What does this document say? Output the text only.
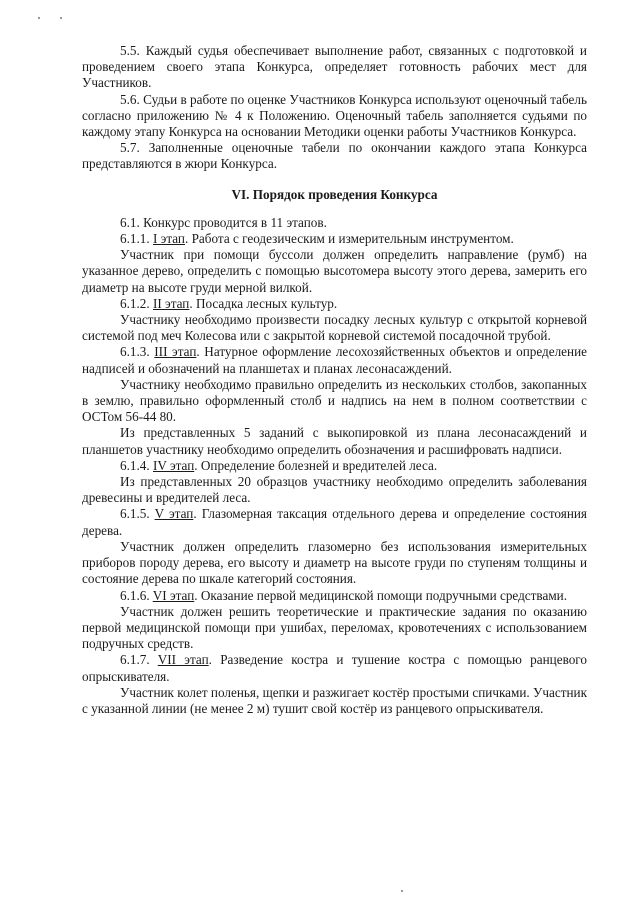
5.5. Каждый судья обеспечивает выполнение работ, связанных с подготовкой и проведением своего этапа Конкурса, определяет готовность рабочих мест для Участников.

5.6. Судьи в работе по оценке Участников Конкурса используют оценочный табель согласно приложению № 4 к Положению. Оценочный табель заполняется судьями по каждому этапу Конкурса на основании Методики оценки работы Участников Конкурса.

5.7. Заполненные оценочные табели по окончании каждого этапа Конкурса представляются в жюри Конкурса.

VI. Порядок проведения Конкурса

6.1. Конкурс проводится в 11 этапов.

6.1.1. I этап. Работа с геодезическим и измерительным инструментом.

Участник при помощи буссоли должен определить направление (румб) на указанное дерево, определить с помощью высотомера высоту этого дерева, замерить его диаметр на высоте груди мерной вилкой.

6.1.2. II этап. Посадка лесных культур.

Участнику необходимо произвести посадку лесных культур с открытой корневой системой под меч Колесова или с закрытой корневой системой посадочной трубой.

6.1.3. III этап. Натурное оформление лесохозяйственных объектов и определение надписей и обозначений на планшетах и планах лесонасаждений.

Участнику необходимо правильно определить из нескольких столбов, закопанных в землю, правильно оформленный столб и надпись на нем в полном соответствии с ОСТом 56-44 80.

Из представленных 5 заданий с выкопировкой из плана лесонасаждений и планшетов участнику необходимо определить обозначения и расшифровать надписи.

6.1.4. IV этап. Определение болезней и вредителей леса.

Из представленных 20 образцов участнику необходимо определить заболевания древесины и вредителей леса.

6.1.5. V этап. Глазомерная таксация отдельного дерева и определение состояния дерева.

Участник должен определить глазомерно без использования измерительных приборов породу дерева, его высоту и диаметр на высоте груди по ступеням толщины и состояние дерева по шкале категорий состояния.

6.1.6. VI этап. Оказание первой медицинской помощи подручными средствами.

Участник должен решить теоретические и практические задания по оказанию первой медицинской помощи при ушибах, переломах, кровотечениях с использованием подручных средств.

6.1.7. VII этап. Разведение костра и тушение костра с помощью ранцевого опрыскивателя.

Участник колет поленья, щепки и разжигает костёр простыми спичками. Участник с указанной линии (не менее 2 м) тушит свой костёр из ранцевого опрыскивателя.
